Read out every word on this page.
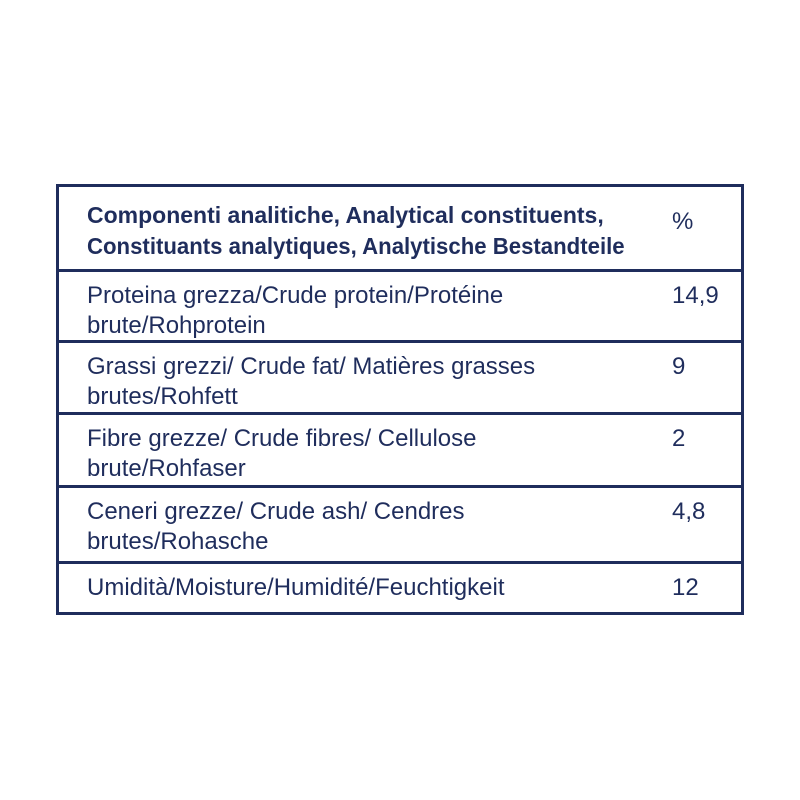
Componenti analitiche, Analytical constituents,
Constituants analytiques, Analytische Bestandteile
%
Proteina grezza/Crude protein/Protéine
brute/Rohprotein
14,9
Grassi grezzi/ Crude fat/ Matières grasses
brutes/Rohfett
9
Fibre grezze/ Crude fibres/ Cellulose
brute/Rohfaser
2
Ceneri grezze/ Crude ash/ Cendres
brutes/Rohasche
4,8
Umidità/Moisture/Humidité/Feuchtigkeit	12
